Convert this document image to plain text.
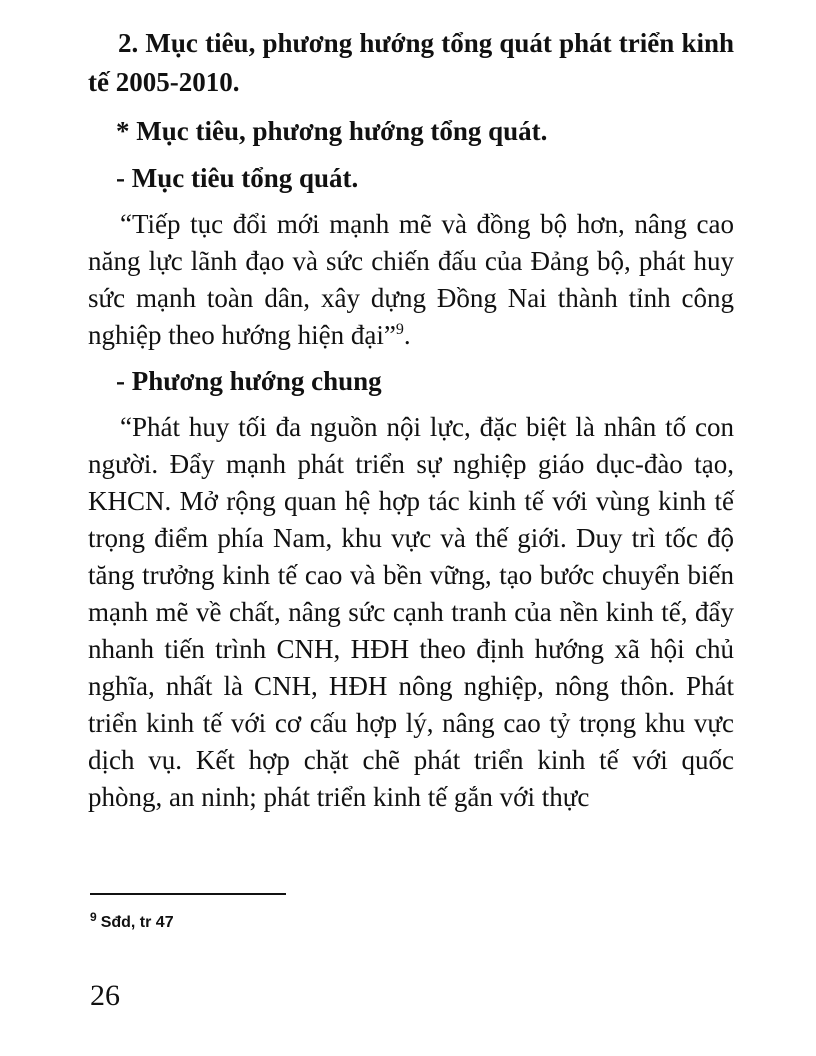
2. Mục tiêu, phương hướng tổng quát phát triển kinh tế 2005-2010.

* Mục tiêu, phương hướng tổng quát.

- Mục tiêu tổng quát.

“Tiếp tục đổi mới mạnh mẽ và đồng bộ hơn, nâng cao năng lực lãnh đạo và sức chiến đấu của Đảng bộ, phát huy sức mạnh toàn dân, xây dựng Đồng Nai thành tỉnh công nghiệp theo hướng hiện đại”$^9$.

- Phương hướng chung

“Phát huy tối đa nguồn nội lực, đặc biệt là nhân tố con người. Đẩy mạnh phát triển sự nghiệp giáo dục-đào tạo, KHCN. Mở rộng quan hệ hợp tác kinh tế với vùng kinh tế trọng điểm phía Nam, khu vực và thế giới. Duy trì tốc độ tăng trưởng kinh tế cao và bền vững, tạo bước chuyển biến mạnh mẽ về chất, nâng sức cạnh tranh của nền kinh tế, đẩy nhanh tiến trình CNH, HĐH theo định hướng xã hội chủ nghĩa, nhất là CNH, HĐH nông nghiệp, nông thôn. Phát triển kinh tế với cơ cấu hợp lý, nâng cao tỷ trọng khu vực dịch vụ. Kết hợp chặt chẽ phát triển kinh tế với quốc phòng, an ninh; phát triển kinh tế gắn với thực

$^9$ Sđd, tr 47
26
